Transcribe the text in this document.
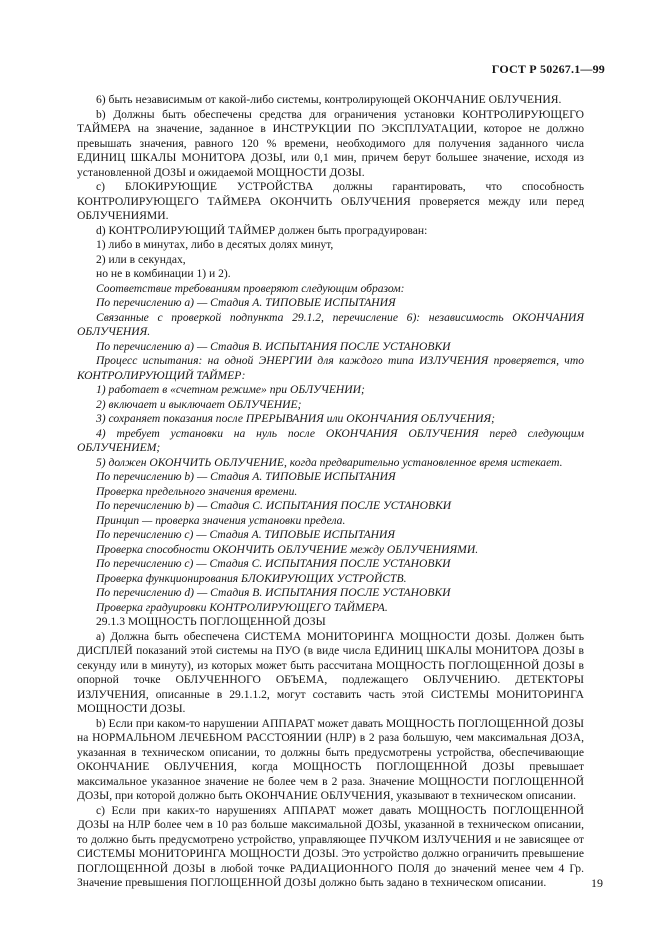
ГОСТ Р 50267.1—99

6) быть независимым от какой-либо системы, контролирующей ОКОНЧАНИЕ ОБЛУЧЕНИЯ.

b) Должны быть обеспечены средства для ограничения установки КОНТРОЛИРУЮЩЕГО ТАЙМЕРА на значение, заданное в ИНСТРУКЦИИ ПО ЭКСПЛУАТАЦИИ, которое не должно превышать значения, равного 120 % времени, необходимого для получения заданного числа ЕДИНИЦ ШКАЛЫ МОНИТОРА ДОЗЫ, или 0,1 мин, причем берут большее значение, исходя из установленной ДОЗЫ и ожидаемой МОЩНОСТИ ДОЗЫ.

c) БЛОКИРУЮЩИЕ УСТРОЙСТВА должны гарантировать, что способность КОНТРОЛИРУЮЩЕГО ТАЙМЕРА ОКОНЧИТЬ ОБЛУЧЕНИЯ проверяется между или перед ОБЛУЧЕНИЯМИ.

d) КОНТРОЛИРУЮЩИЙ ТАЙМЕР должен быть проградуирован:

1) либо в минутах, либо в десятых долях минут,

2) или в секундах,

но не в комбинации 1) и 2).

Соответствие требованиям проверяют следующим образом:

По перечислению а) — Стадия А. ТИПОВЫЕ ИСПЫТАНИЯ

Связанные с проверкой подпункта 29.1.2, перечисление 6): независимость ОКОНЧАНИЯ ОБЛУЧЕНИЯ.

По перечислению а) — Стадия В. ИСПЫТАНИЯ ПОСЛЕ УСТАНОВКИ

Процесс испытания: на одной ЭНЕРГИИ для каждого типа ИЗЛУЧЕНИЯ проверяется, что КОНТРОЛИРУЮЩИЙ ТАЙМЕР:

1) работает в «счетном режиме» при ОБЛУЧЕНИИ;

2) включает и выключает ОБЛУЧЕНИЕ;

3) сохраняет показания после ПРЕРЫВАНИЯ или ОКОНЧАНИЯ ОБЛУЧЕНИЯ;

4) требует установки на нуль после ОКОНЧАНИЯ ОБЛУЧЕНИЯ перед следующим ОБЛУЧЕНИЕМ;

5) должен ОКОНЧИТЬ ОБЛУЧЕНИЕ, когда предварительно установленное время истекает.

По перечислению b) — Стадия А. ТИПОВЫЕ ИСПЫТАНИЯ

Проверка предельного значения времени.

По перечислению b) — Стадия С. ИСПЫТАНИЯ ПОСЛЕ УСТАНОВКИ

Принцип — проверка значения установки предела.

По перечислению с) — Стадия А. ТИПОВЫЕ ИСПЫТАНИЯ

Проверка способности ОКОНЧИТЬ ОБЛУЧЕНИЕ между ОБЛУЧЕНИЯМИ.

По перечислению с) — Стадия С. ИСПЫТАНИЯ ПОСЛЕ УСТАНОВКИ

Проверка функционирования БЛОКИРУЮЩИХ УСТРОЙСТВ.

По перечислению d) — Стадия В. ИСПЫТАНИЯ ПОСЛЕ УСТАНОВКИ

Проверка градуировки КОНТРОЛИРУЮЩЕГО ТАЙМЕРА.

29.1.3 МОЩНОСТЬ ПОГЛОЩЕННОЙ ДОЗЫ

a) Должна быть обеспечена СИСТЕМА МОНИТОРИНГА МОЩНОСТИ ДОЗЫ. Должен быть ДИСПЛЕЙ показаний этой системы на ПУО (в виде числа ЕДИНИЦ ШКАЛЫ МОНИТОРА ДОЗЫ в секунду или в минуту), из которых может быть рассчитана МОЩНОСТЬ ПОГЛОЩЕННОЙ ДОЗЫ в опорной точке ОБЛУЧЕННОГО ОБЪЕМА, подлежащего ОБЛУЧЕНИЮ. ДЕТЕКТОРЫ ИЗЛУЧЕНИЯ, описанные в 29.1.1.2, могут составить часть этой СИСТЕМЫ МОНИТОРИНГА МОЩНОСТИ ДОЗЫ.

b) Если при каком-то нарушении АППАРАТ может давать МОЩНОСТЬ ПОГЛОЩЕННОЙ ДОЗЫ на НОРМАЛЬНОМ ЛЕЧЕБНОМ РАССТОЯНИИ (НЛР) в 2 раза большую, чем максимальная ДОЗА, указанная в техническом описании, то должны быть предусмотрены устройства, обеспечивающие ОКОНЧАНИЕ ОБЛУЧЕНИЯ, когда МОЩНОСТЬ ПОГЛОЩЕННОЙ ДОЗЫ превышает максимальное указанное значение не более чем в 2 раза. Значение МОЩНОСТИ ПОГЛОЩЕННОЙ ДОЗЫ, при которой должно быть ОКОНЧАНИЕ ОБЛУЧЕНИЯ, указывают в техническом описании.

c) Если при каких-то нарушениях АППАРАТ может давать МОЩНОСТЬ ПОГЛОЩЕННОЙ ДОЗЫ на НЛР более чем в 10 раз больше максимальной ДОЗЫ, указанной в техническом описании, то должно быть предусмотрено устройство, управляющее ПУЧКОМ ИЗЛУЧЕНИЯ и не зависящее от СИСТЕМЫ МОНИТОРИНГА МОЩНОСТИ ДОЗЫ. Это устройство должно ограничить превышение ПОГЛОЩЕННОЙ ДОЗЫ в любой точке РАДИАЦИОННОГО ПОЛЯ до значений менее чем 4 Гр. Значение превышения ПОГЛОЩЕННОЙ ДОЗЫ должно быть задано в техническом описании.	19
